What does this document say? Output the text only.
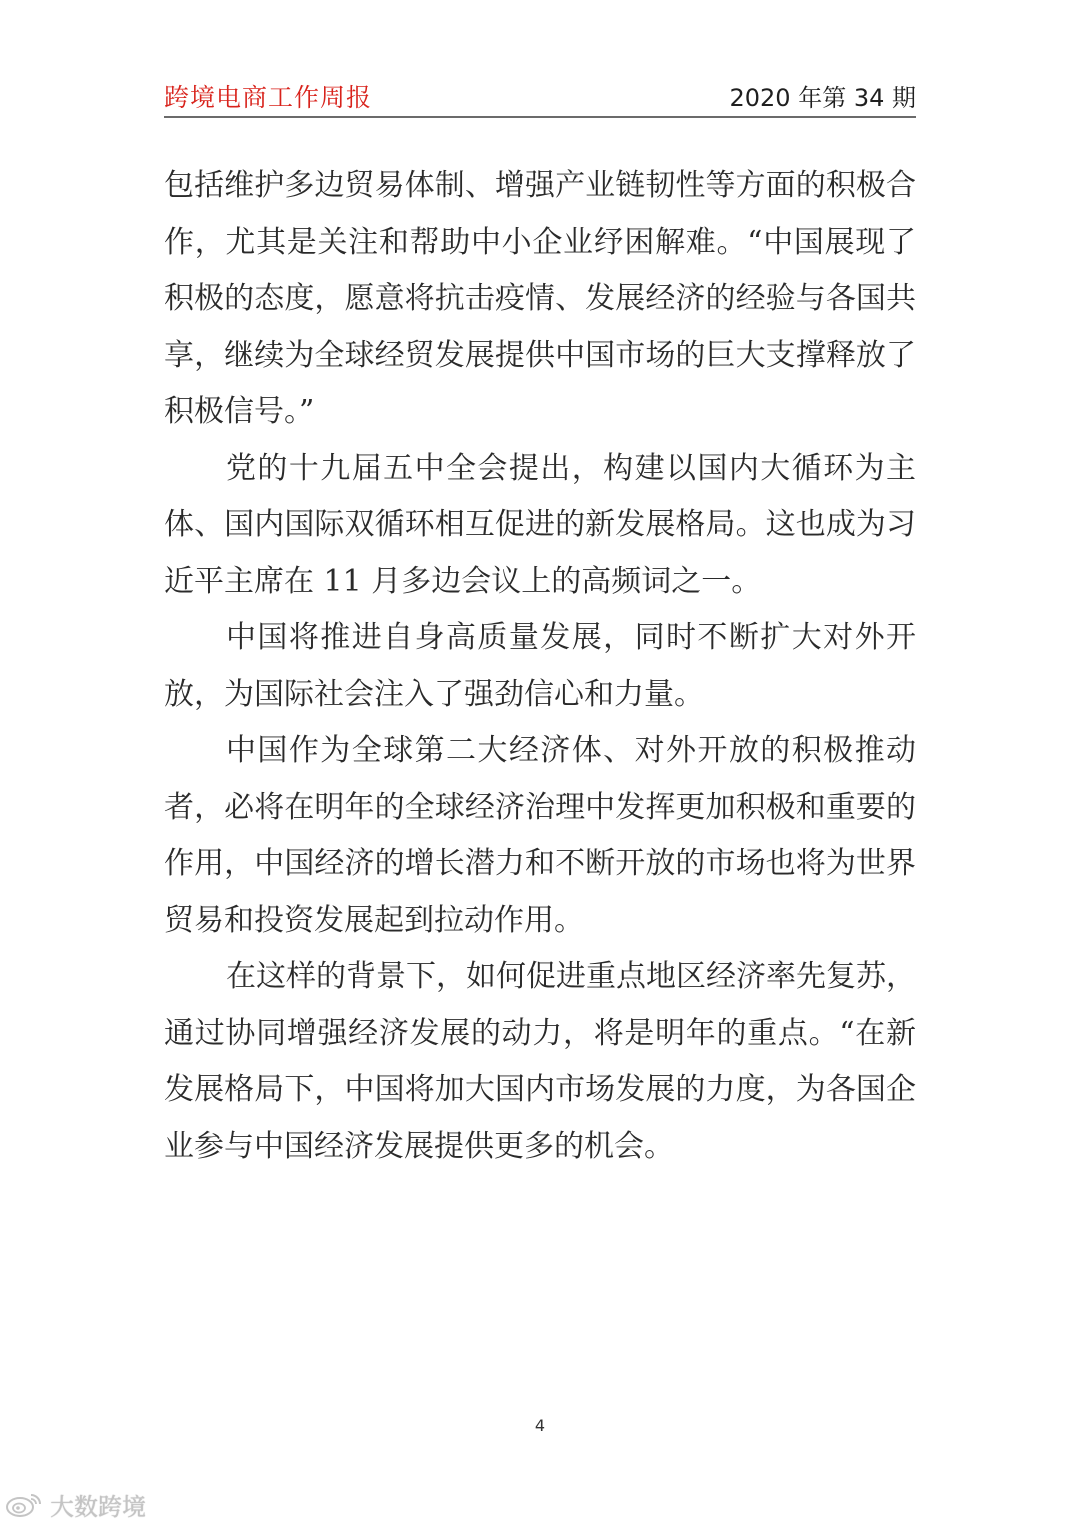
跨境电商工作周报	2020 年第 34 期

包括维护多边贸易体制、增强产业链韧性等方面的积极合作，尤其是关注和帮助中小企业纾困解难。“中国展现了积极的态度，愿意将抗击疫情、发展经济的经验与各国共享，继续为全球经贸发展提供中国市场的巨大支撑释放了积极信号。”

党的十九届五中全会提出，构建以国内大循环为主体、国内国际双循环相互促进的新发展格局。这也成为习近平主席在 11 月多边会议上的高频词之一。

中国将推进自身高质量发展，同时不断扩大对外开放，为国际社会注入了强劲信心和力量。

中国作为全球第二大经济体、对外开放的积极推动者，必将在明年的全球经济治理中发挥更加积极和重要的作用，中国经济的增长潜力和不断开放的市场也将为世界贸易和投资发展起到拉动作用。

在这样的背景下，如何促进重点地区经济率先复苏，通过协同增强经济发展的动力，将是明年的重点。“在新发展格局下，中国将加大国内市场发展的力度，为各国企业参与中国经济发展提供更多的机会。

4
大数跨境
